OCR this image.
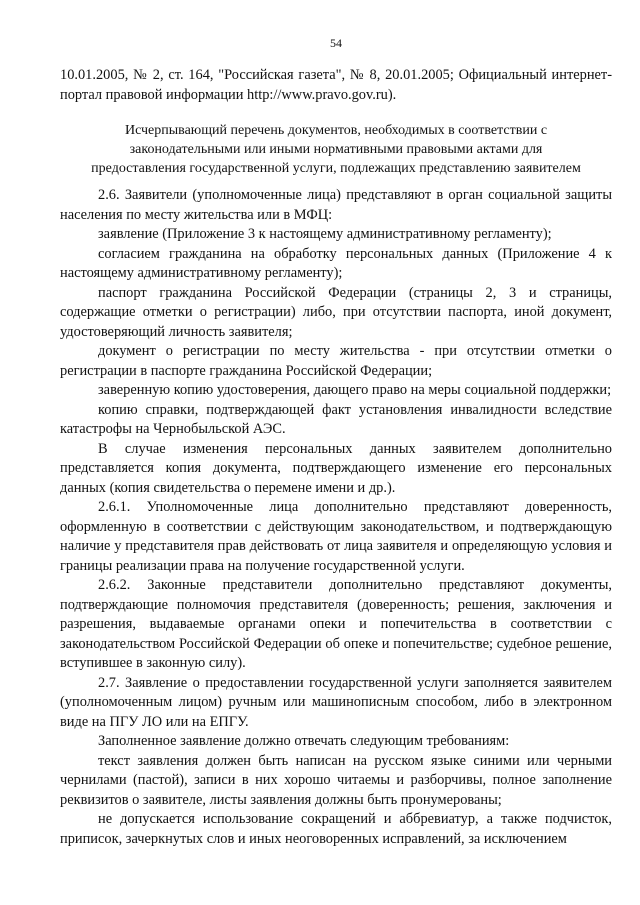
54

10.01.2005, № 2, ст. 164, "Российская газета", № 8, 20.01.2005; Официальный интернет-портал правовой информации http://www.pravo.gov.ru).

Исчерпывающий перечень документов, необходимых в соответствии с законодательными или иными нормативными правовыми актами для предоставления государственной услуги, подлежащих представлению заявителем

2.6. Заявители (уполномоченные лица) представляют в орган социальной защиты населения по месту жительства или в МФЦ:

заявление (Приложение 3 к настоящему административному регламенту);

согласием гражданина на обработку персональных данных (Приложение 4 к настоящему административному регламенту);

паспорт гражданина Российской Федерации (страницы 2, 3 и страницы, содержащие отметки о регистрации) либо, при отсутствии паспорта, иной документ, удостоверяющий личность заявителя;

документ о регистрации по месту жительства - при отсутствии отметки о регистрации в паспорте гражданина Российской Федерации;

заверенную копию удостоверения, дающего право на меры социальной поддержки;

копию справки, подтверждающей факт установления инвалидности вследствие катастрофы на Чернобыльской АЭС.

В случае изменения персональных данных заявителем дополнительно представляется копия документа, подтверждающего изменение его персональных данных (копия свидетельства о перемене имени и др.).

2.6.1. Уполномоченные лица дополнительно представляют доверенность, оформленную в соответствии с действующим законодательством, и подтверждающую наличие у представителя прав действовать от лица заявителя и определяющую условия и границы реализации права на получение государственной услуги.

2.6.2. Законные представители дополнительно представляют документы, подтверждающие полномочия представителя (доверенность; решения, заключения и разрешения, выдаваемые органами опеки и попечительства в соответствии с законодательством Российской Федерации об опеке и попечительстве; судебное решение, вступившее в законную силу).

2.7. Заявление о предоставлении государственной услуги заполняется заявителем (уполномоченным лицом) ручным или машинописным способом, либо в электронном виде на ПГУ ЛО или на ЕПГУ.

Заполненное заявление должно отвечать следующим требованиям:

текст заявления должен быть написан на русском языке синими или черными чернилами (пастой), записи в них хорошо читаемы и разборчивы, полное заполнение реквизитов о заявителе, листы заявления должны быть пронумерованы;

не допускается использование сокращений и аббревиатур, а также подчисток, приписок, зачеркнутых слов и иных неоговоренных исправлений, за исключением
